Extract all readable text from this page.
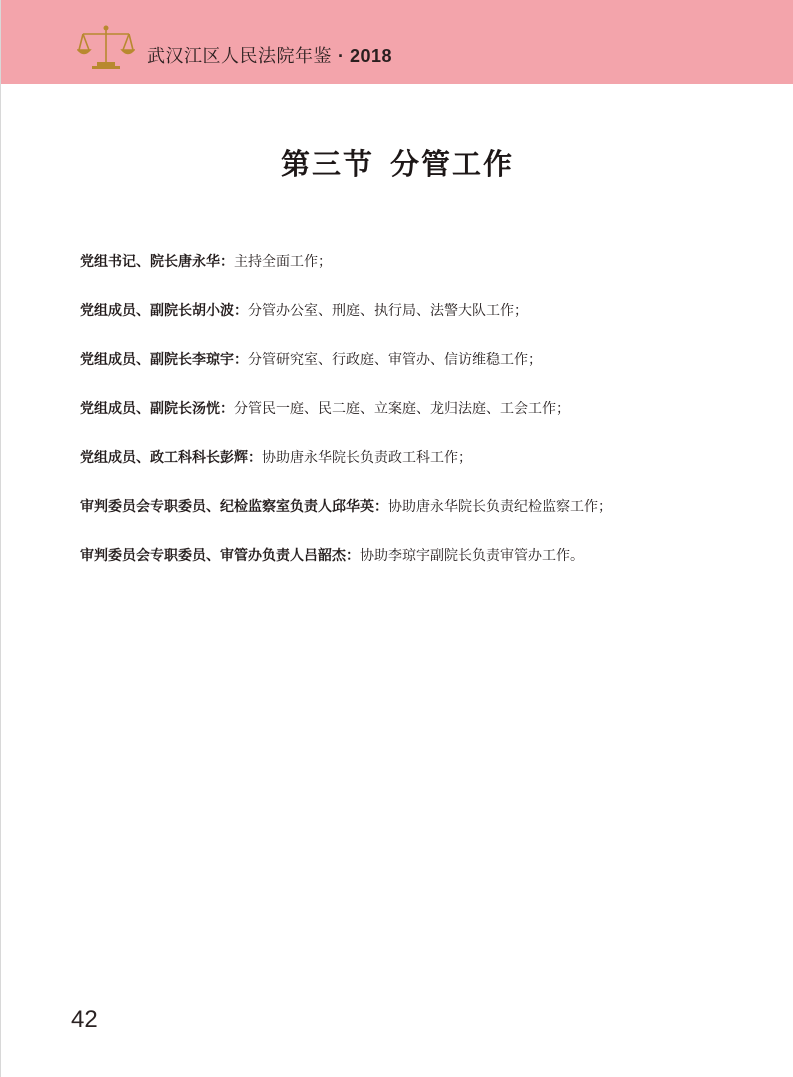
武汉江区人民法院年鉴 · 2018
第三节 分管工作
党组书记、院长唐永华：主持全面工作；
党组成员、副院长胡小波：分管办公室、刑庭、执行局、法警大队工作；
党组成员、副院长李琼宇：分管研究室、行政庭、审管办、信访维稳工作；
党组成员、副院长汤恍：分管民一庭、民二庭、立案庭、龙归法庭、工会工作；
党组成员、政工科科长彭辉：协助唐永华院长负责政工科工作；
审判委员会专职委员、纪检监察室负责人邱华英：协助唐永华院长负责纪检监察工作；
审判委员会专职委员、审管办负责人吕韶杰：协助李琼宇副院长负责审管办工作。
42
